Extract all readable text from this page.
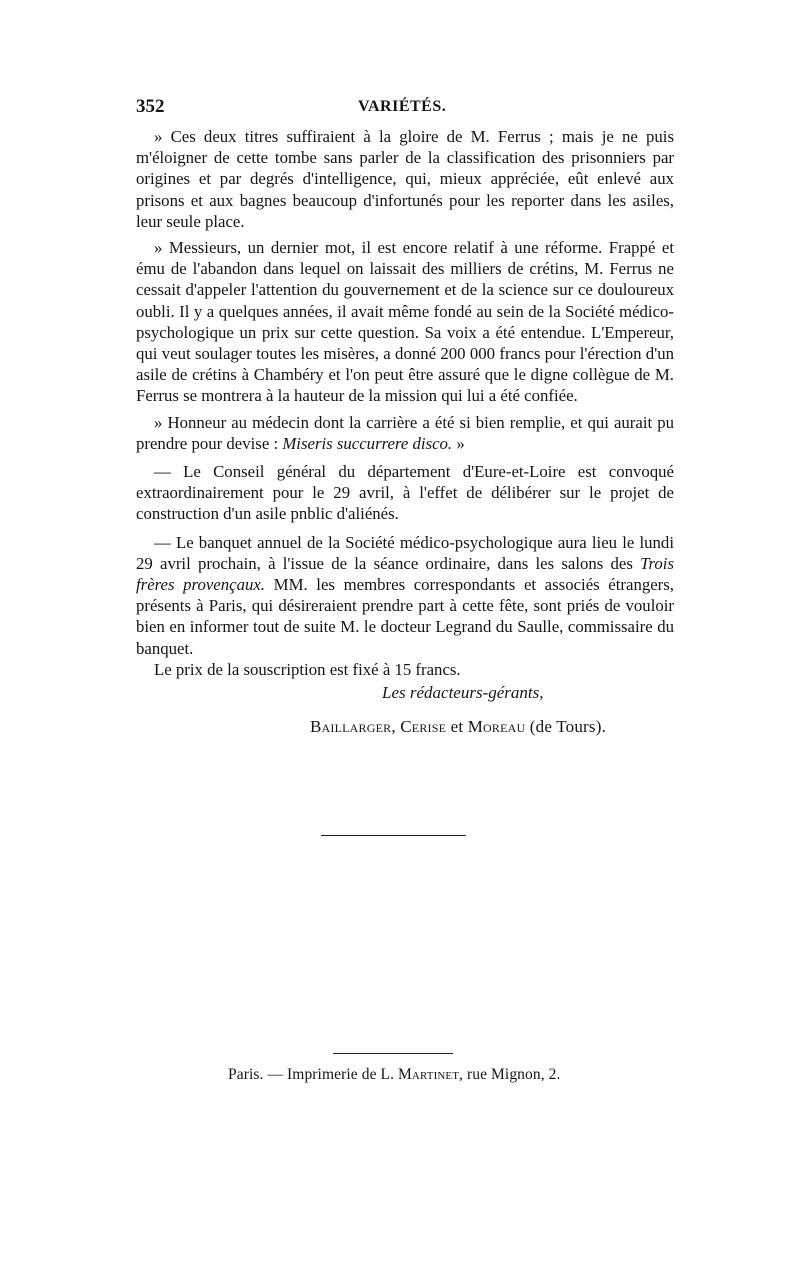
352	VARIÉTÉS.

» Ces deux titres suffiraient à la gloire de M. Ferrus ; mais je ne puis m'éloigner de cette tombe sans parler de la classification des prisonniers par origines et par degrés d'intelligence, qui, mieux appréciée, eût enlevé aux prisons et aux bagnes beaucoup d'infortunés pour les reporter dans les asiles, leur seule place.

» Messieurs, un dernier mot, il est encore relatif à une réforme. Frappé et ému de l'abandon dans lequel on laissait des milliers de crétins, M. Ferrus ne cessait d'appeler l'attention du gouvernement et de la science sur ce douloureux oubli. Il y a quelques années, il avait même fondé au sein de la Société médico-psychologique un prix sur cette question. Sa voix a été entendue. L'Empereur, qui veut soulager toutes les misères, a donné 200 000 francs pour l'érection d'un asile de crétins à Chambéry et l'on peut être assuré que le digne collègue de M. Ferrus se montrera à la hauteur de la mission qui lui a été confiée.

» Honneur au médecin dont la carrière a été si bien remplie, et qui aurait pu prendre pour devise : Miseris succurrere disco. »

— Le Conseil général du département d'Eure-et-Loire est convoqué extraordinairement pour le 29 avril, à l'effet de délibérer sur le projet de construction d'un asile pnblic d'aliénés.

— Le banquet annuel de la Société médico-psychologique aura lieu le lundi 29 avril prochain, à l'issue de la séance ordinaire, dans les salons des Trois frères provençaux. MM. les membres correspondants et associés étrangers, présents à Paris, qui désireraient prendre part à cette fête, sont priés de vouloir bien en informer tout de suite M. le docteur Legrand du Saulle, commissaire du banquet.

Le prix de la souscription est fixé à 15 francs.

Les rédacteurs-gérants,
Baillarger, Cerise et Moreau (de Tours).
Paris. — Imprimerie de L. Martinet, rue Mignon, 2.
